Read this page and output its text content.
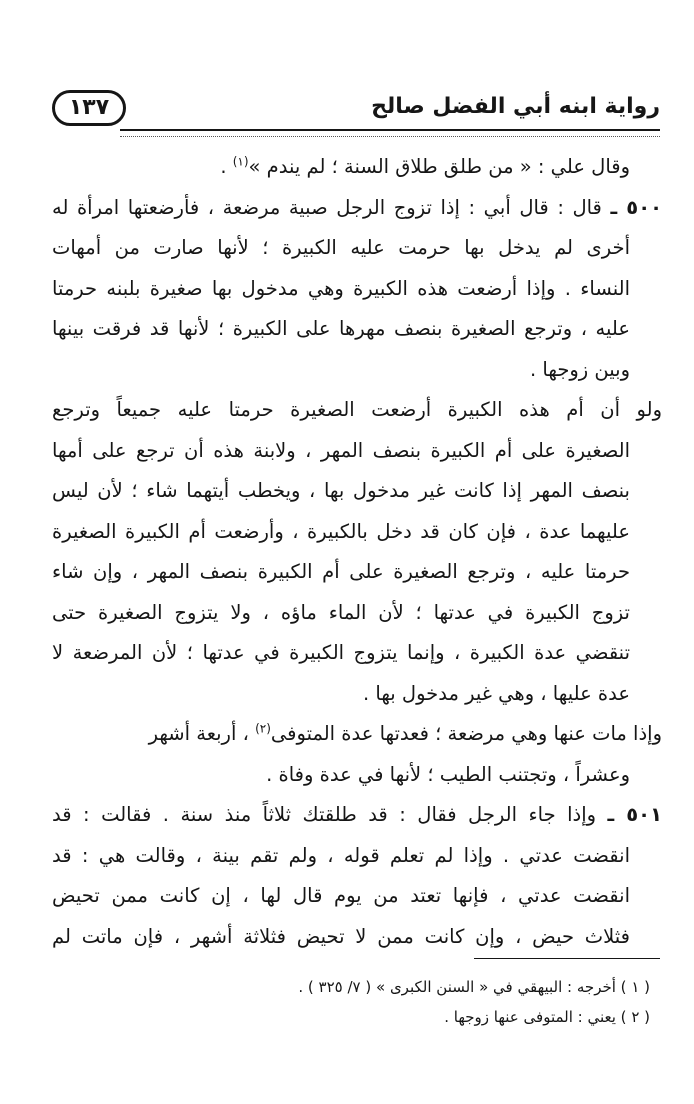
رواية ابنه أبي الفضل صالح
١٣٧
وقال علي : « من طلق طلاق السنة ؛ لم يندم »$^{(١)}$ .
٥٠٠ ـ قال : قال أبي : إذا تزوج الرجل صبية مرضعة ، فأرضعتها امرأة له
أخرى لم يدخل بها حرمت عليه الكبيرة ؛ لأنها صارت من أمهات
النساء . وإذا أرضعت هذه الكبيرة وهي مدخول بها صغيرة بلبنه حرمتا
عليه ، وترجع الصغيرة بنصف مهرها على الكبيرة ؛ لأنها قد فرقت بينها
وبين زوجها .
ولو أن أم هذه الكبيرة أرضعت الصغيرة حرمتا عليه جميعاً وترجع
الصغيرة على أم الكبيرة بنصف المهر ، ولابنة هذه أن ترجع على أمها
بنصف المهر إذا كانت غير مدخول بها ، ويخطب أيتهما شاء ؛ لأن ليس
عليهما عدة ، فإن كان قد دخل بالكبيرة ، وأرضعت أم الكبيرة الصغيرة
حرمتا عليه ، وترجع الصغيرة على أم الكبيرة بنصف المهر ، وإن شاء
تزوج الكبيرة في عدتها ؛ لأن الماء ماؤه ، ولا يتزوج الصغيرة حتى
تنقضي عدة الكبيرة ، وإنما يتزوج الكبيرة في عدتها ؛ لأن المرضعة لا
عدة عليها ، وهي غير مدخول بها .
وإذا مات عنها وهي مرضعة ؛ فعدتها عدة المتوفى$^{(٢)}$ ، أربعة أشهر
وعشراً ، وتجتنب الطيب ؛ لأنها في عدة وفاة .
٥٠١ ـ وإذا جاء الرجل فقال : قد طلقتك ثلاثاً منذ سنة . فقالت : قد
انقضت عدتي . وإذا لم تعلم قوله ، ولم تقم بينة ، وقالت هي : قد
انقضت عدتي ، فإنها تعتد من يوم قال لها ، إن كانت ممن تحيض
فثلاث حيض ، وإن كانت ممن لا تحيض فثلاثة أشهر ، فإن ماتت لم
( ١ ) أخرجه : البيهقي في « السنن الكبرى » ( ٧/ ٣٢٥ ) .
( ٢ ) يعني : المتوفى عنها زوجها .
